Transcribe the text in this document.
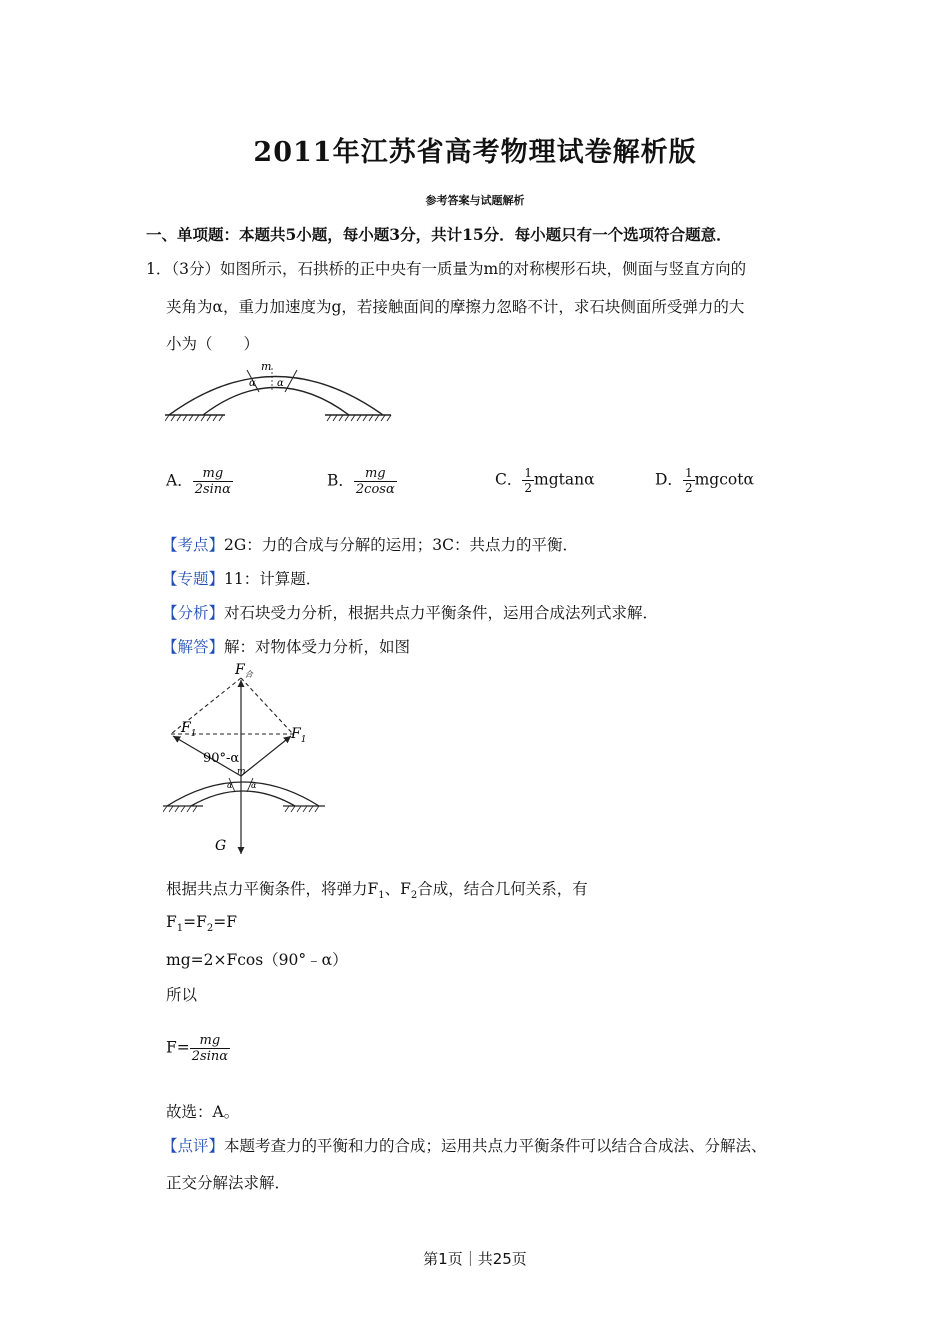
2011年江苏省高考物理试卷解析版
参考答案与试题解析
一、单项题：本题共5小题，每小题3分，共计15分．每小题只有一个选项符合题意．
1．（3分）如图所示，石拱桥的正中央有一质量为m的对称楔形石块，侧面与竖直方向的
夹角为α，重力加速度为g，若接触面间的摩擦力忽略不计，求石块侧面所受弹力的大
小为（　　）
m
α α
A． $\frac{mg}{2\sin\alpha}$	B． $\frac{mg}{2\cos\alpha}$	C． $\frac{1}{2}$ mgtanα	D． $\frac{1}{2}$ mgcotα
【考点】2G：力的合成与分解的运用；3C：共点力的平衡．
【专题】11：计算题．
【分析】对石块受力分析，根据共点力平衡条件，运用合成法列式求解．
【解答】解：对物体受力分析，如图
$F_合$
$F_1$	$F_1$
90°-α
m
α α
G
根据共点力平衡条件，将弹力$F_1$、$F_2$合成，结合几何关系，有
$F_1=F_2=F$
mg=2×Fcos（90°﹣α）
所以
$F= \frac{mg}{2\sin\alpha}$
故选：A。
【点评】本题考查力的平衡和力的合成；运用共点力平衡条件可以结合合成法、分解法、
正交分解法求解．
第1页｜共25页
